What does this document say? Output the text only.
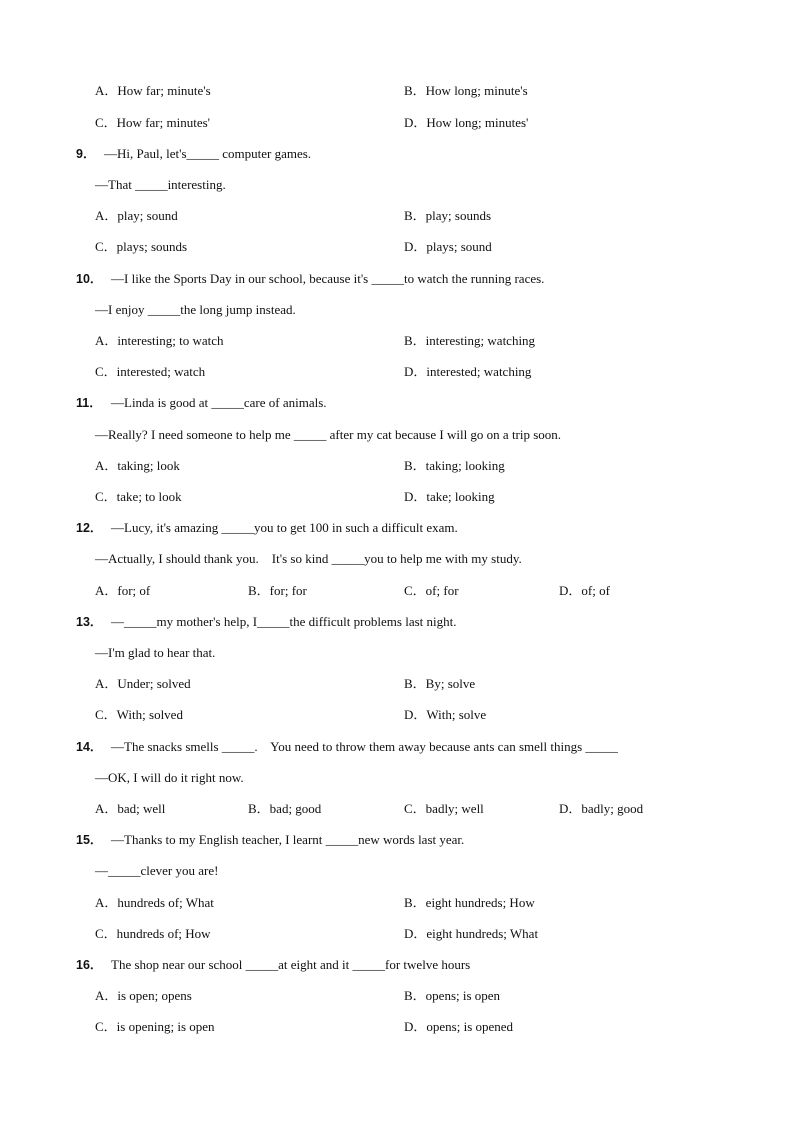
A．How far; minute's	B．How long; minute's
C．How far; minutes'	D．How long; minutes'
9． —Hi, Paul, let's_____ computer games.
—That _____interesting.
A．play; sound	B．play; sounds
C．plays; sounds	D．plays; sound
10． —I like the Sports Day in our school, because it's _____to watch the running races.
—I enjoy _____the long jump instead.
A．interesting; to watch	B．interesting; watching
C．interested; watch	D．interested; watching
11． —Linda is good at _____care of animals.
—Really? I need someone to help me _____ after my cat because I will go on a trip soon.
A．taking; look	B．taking; looking
C．take; to look	D．take; looking
12． —Lucy, it's amazing _____you to get 100 in such a difficult exam.
—Actually, I should thank you.    It's so kind _____you to help me with my study.
A．for; of	B．for; for	C．of; for	D．of; of
13． —_____my mother's help, I_____the difficult problems last night.
—I'm glad to hear that.
A．Under; solved	B．By; solve
C．With; solved	D．With; solve
14． —The snacks smells _____.    You need to throw them away because ants can smell things _____
—OK, I will do it right now.
A．bad; well	B．bad; good	C．badly; well	D．badly; good
15． —Thanks to my English teacher, I learnt _____new words last year.
—_____clever you are!
A．hundreds of; What	B．eight hundreds; How
C．hundreds of; How	D．eight hundreds; What
16． The shop near our school _____at eight and it _____for twelve hours
A．is open; opens	B．opens; is open
C．is opening; is open	D．opens; is opened
